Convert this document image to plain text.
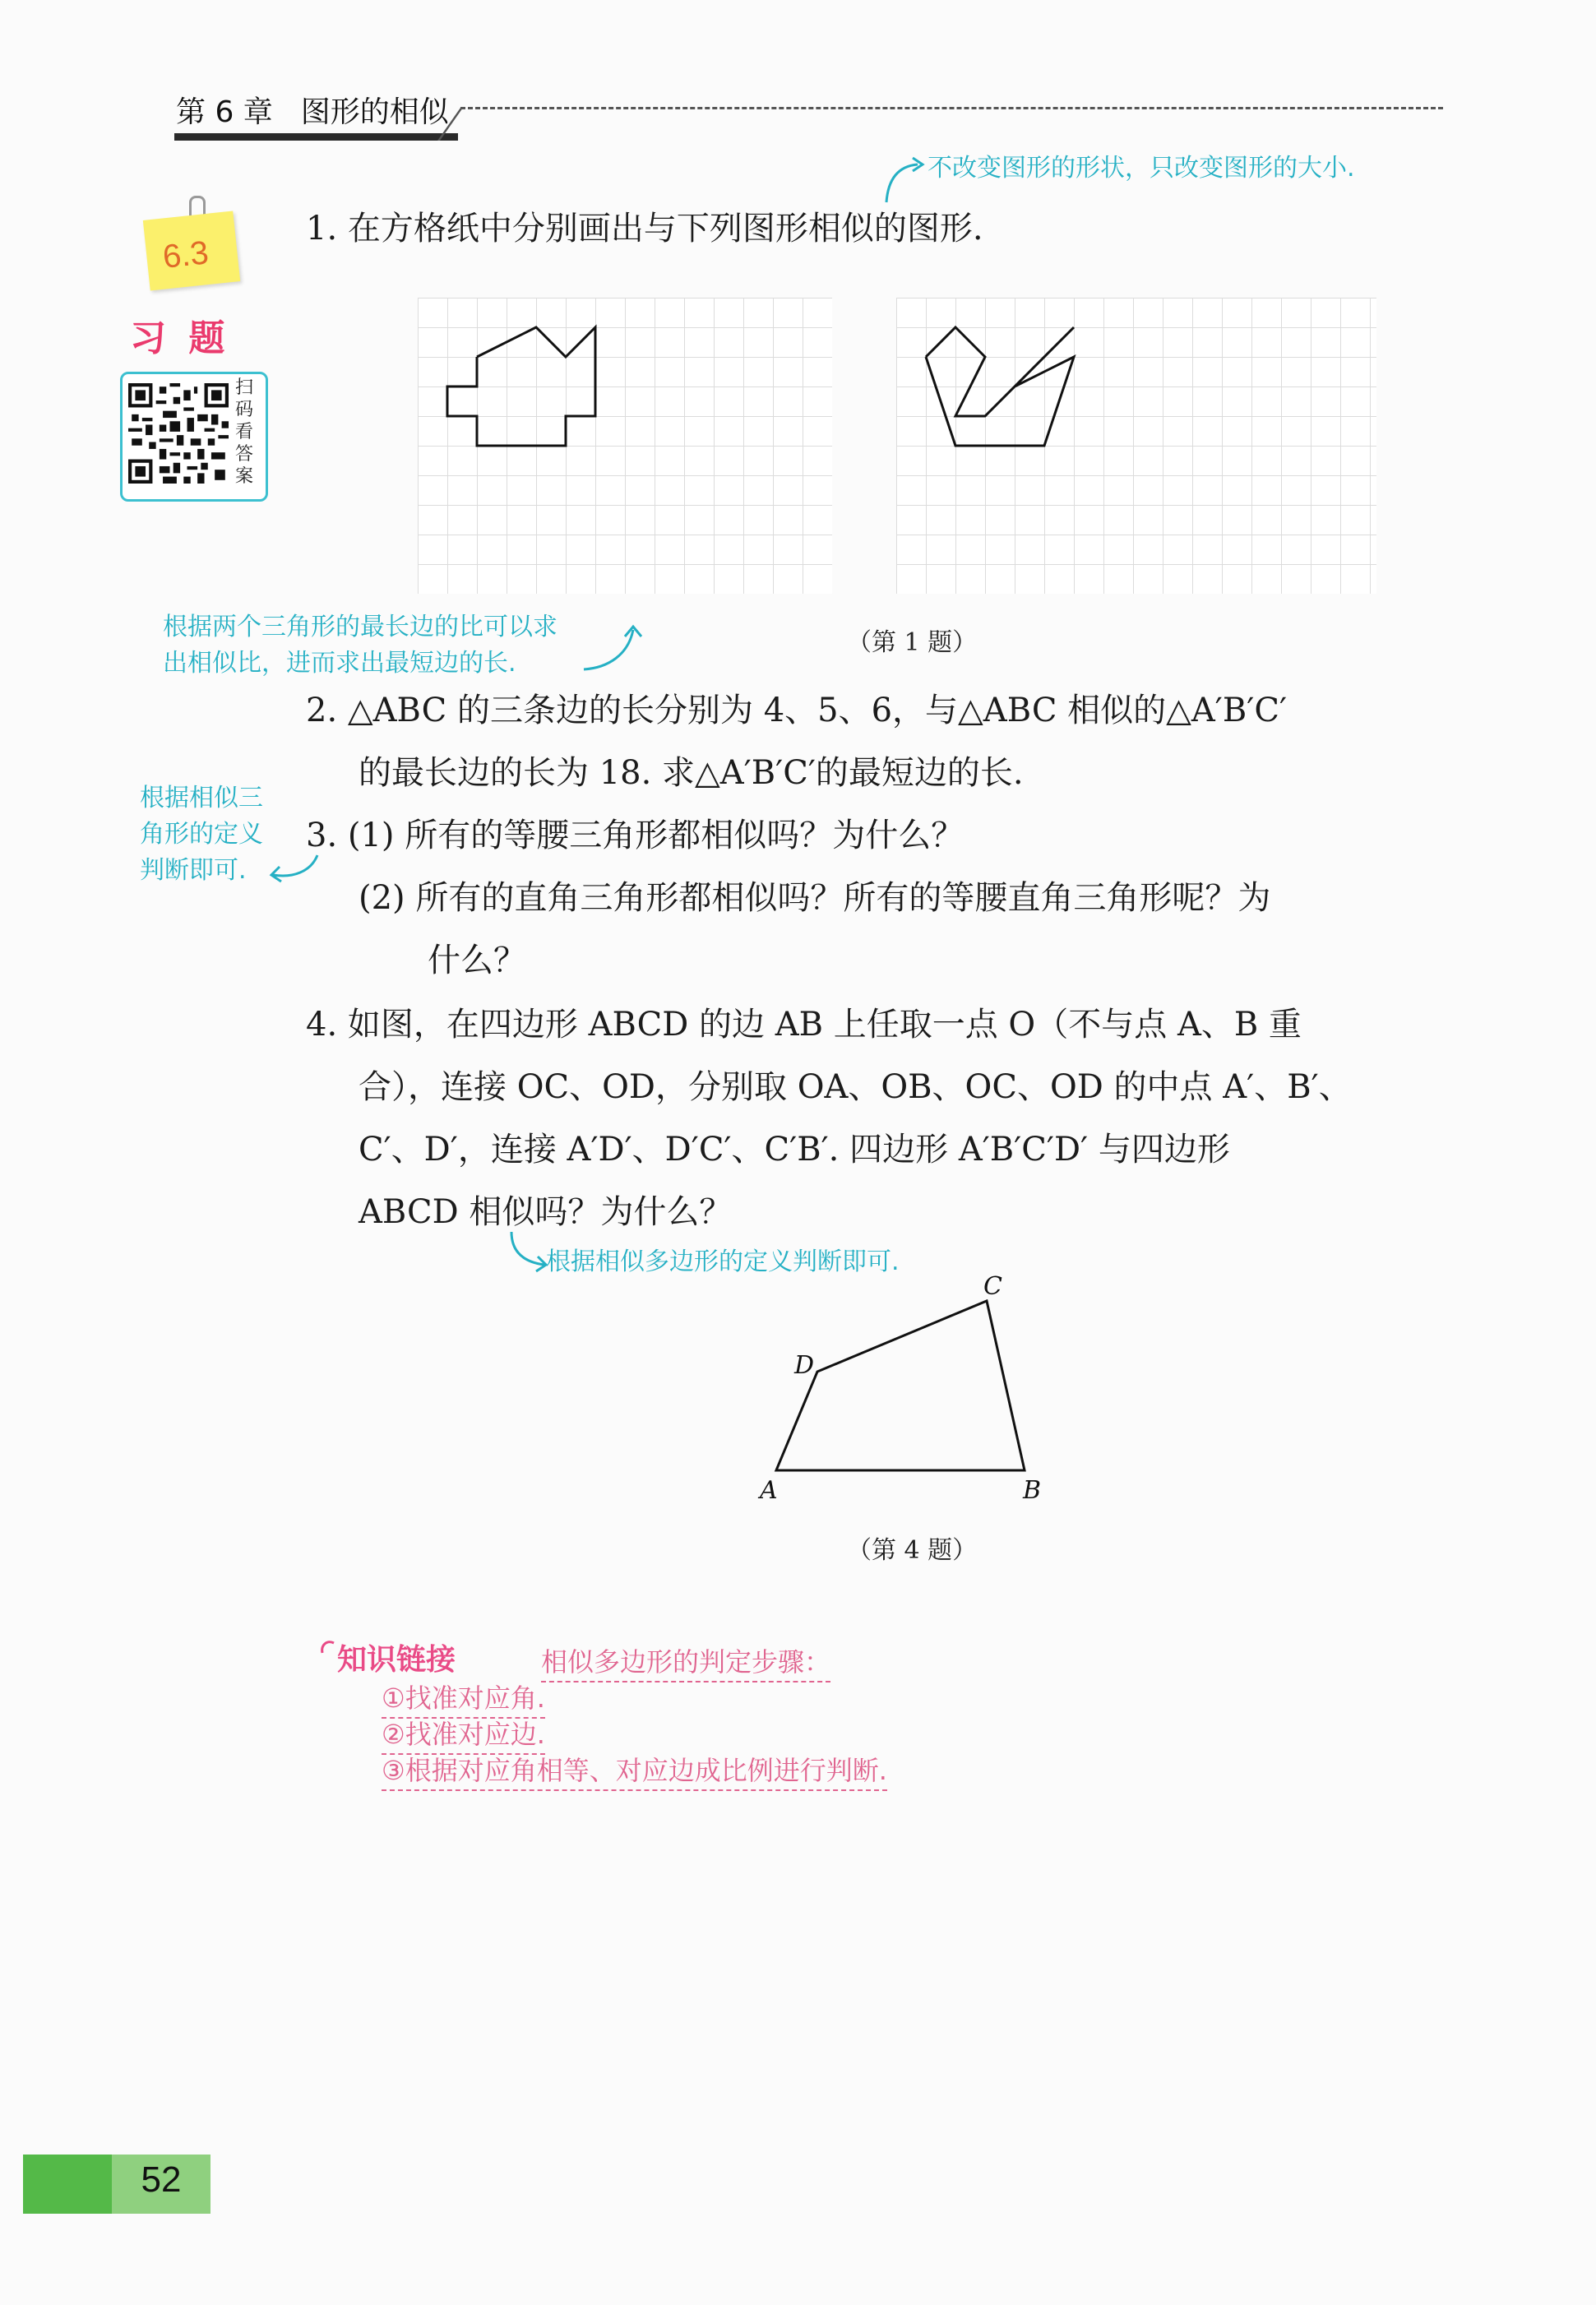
第 6 章 图形的相似
6.3
习 题
扫码看答案
不改变图形的形状，只改变图形的大小.
1. 在方格纸中分别画出与下列图形相似的图形.
（第 1 题）
根据两个三角形的最长边的比可以求
出相似比，进而求出最短边的长.
2. △ABC 的三条边的长分别为 4、5、6，与△ABC 相似的△A′B′C′
的最长边的长为 18. 求△A′B′C′的最短边的长.
根据相似三
角形的定义
判断即可.
3. (1) 所有的等腰三角形都相似吗？为什么？
(2) 所有的直角三角形都相似吗？所有的等腰直角三角形呢？为
什么？
4. 如图，在四边形 ABCD 的边 AB 上任取一点 O（不与点 A、B 重
合），连接 OC、OD，分别取 OA、OB、OC、OD 的中点 A′、B′、
C′、D′，连接 A′D′、D′C′、C′B′. 四边形 A′B′C′D′ 与四边形
ABCD 相似吗？为什么？
根据相似多边形的定义判断即可.
A	B
C
D
（第 4 题）
知识链接	相似多边形的判定步骤：
①找准对应角.
②找准对应边.
③根据对应角相等、对应边成比例进行判断.
52
